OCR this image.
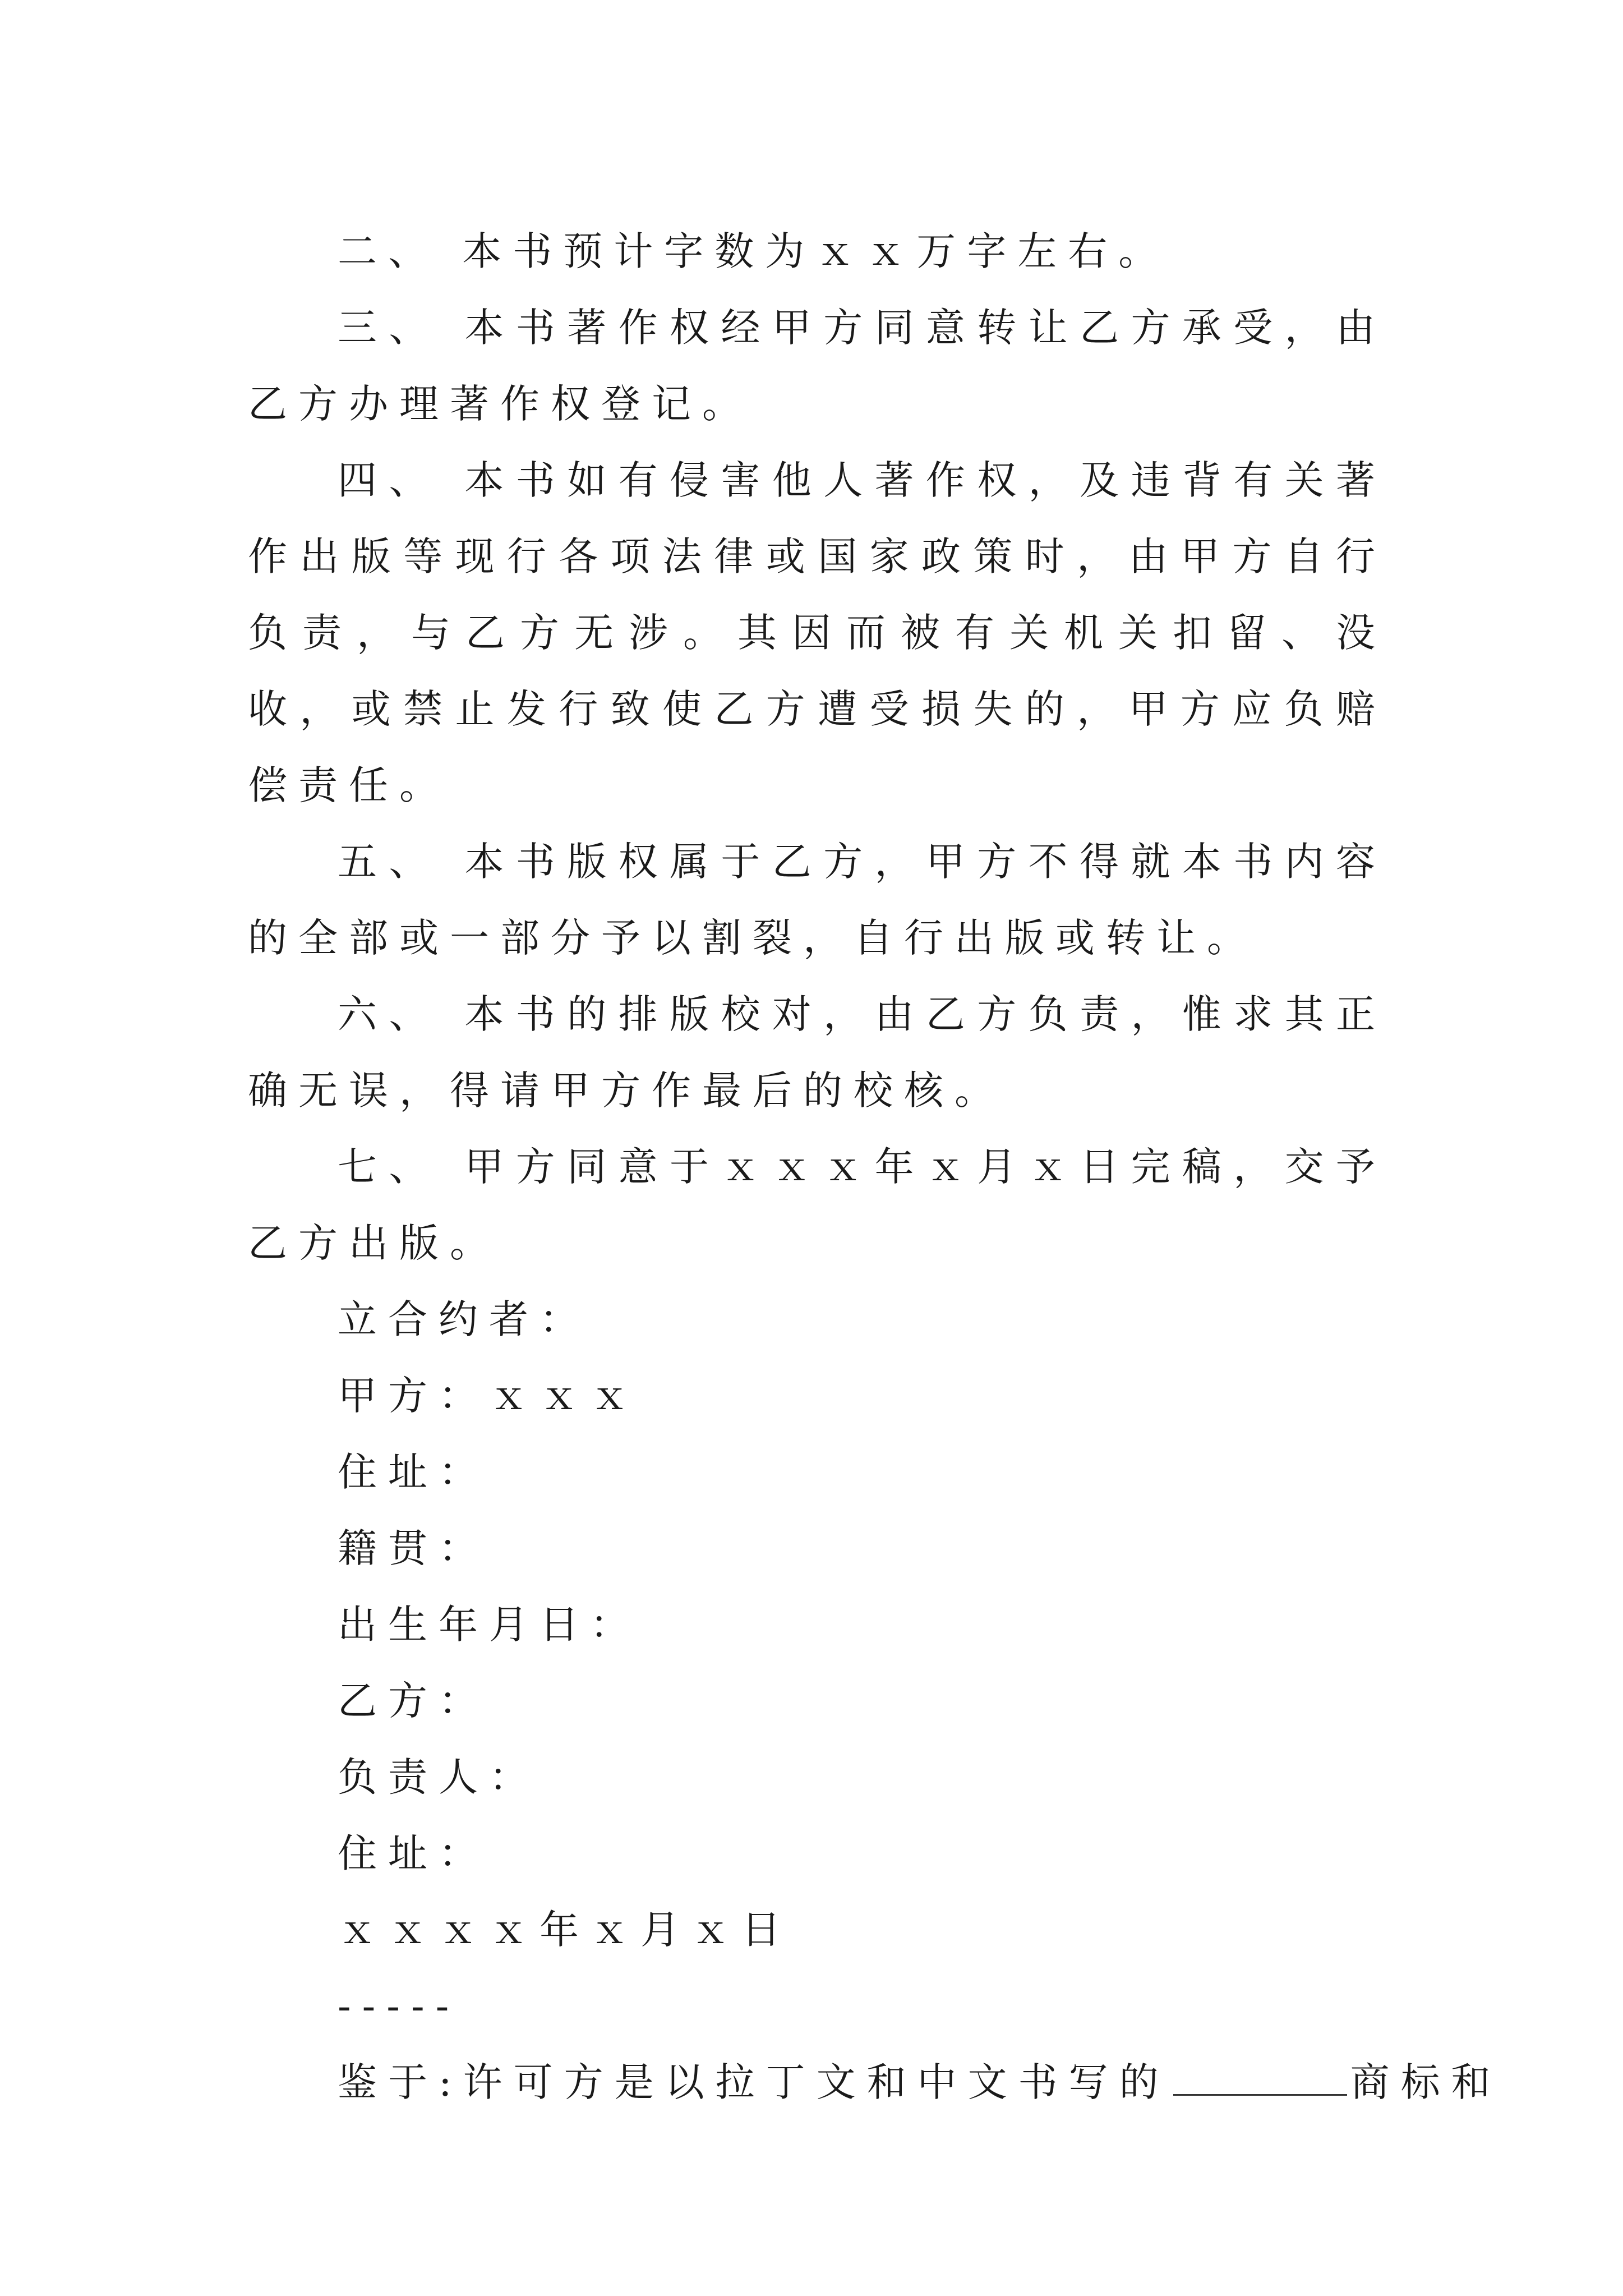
二、 本书预计字数为ｘｘ万字左右。

三、 本书著作权经甲方同意转让乙方承受，由乙方办理著作权登记。

四、 本书如有侵害他人著作权，及违背有关著作出版等现行各项法律或国家政策时，由甲方自行负责，与乙方无涉。其因而被有关机关扣留、没收，或禁止发行致使乙方遭受损失的，甲方应负赔偿责任。

五、 本书版权属于乙方，甲方不得就本书内容的全部或一部分予以割裂，自行出版或转让。

六、 本书的排版校对，由乙方负责，惟求其正确无误，得请甲方作最后的校核。

七、 甲方同意于ｘｘｘ年ｘ月ｘ日完稿，交予乙方出版。

立合约者：

甲方：ｘｘｘ

住址：

籍贯：

出生年月日：

乙方：

负责人：

住址：

ｘｘｘｘ年ｘ月ｘ日

-----

鉴于:许可方是以拉丁文和中文书写的	商标和
